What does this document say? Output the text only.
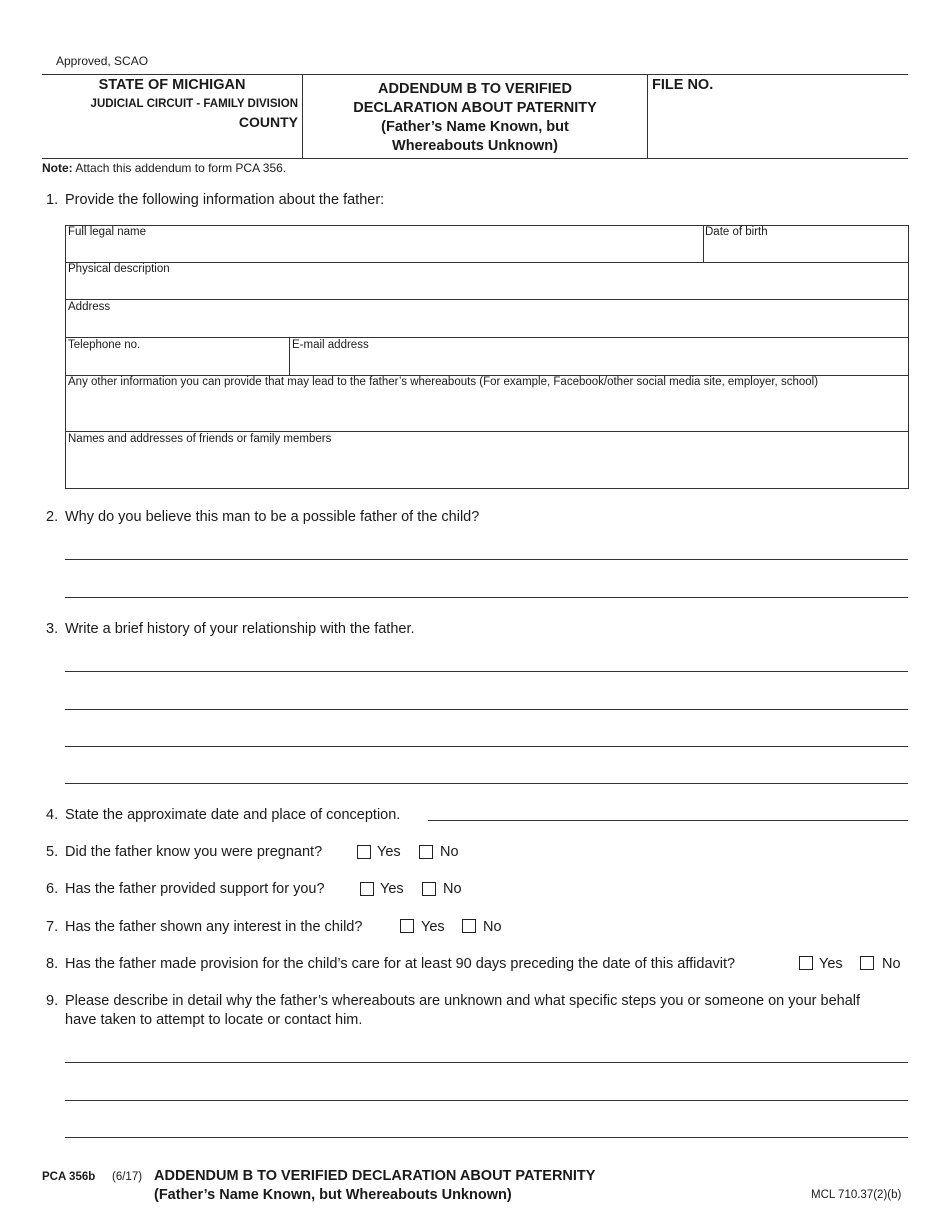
Approved, SCAO
STATE OF MICHIGAN
JUDICIAL CIRCUIT - FAMILY DIVISION
COUNTY
ADDENDUM B TO VERIFIED
DECLARATION ABOUT PATERNITY
(Father’s Name Known, but
Whereabouts Unknown)
FILE NO.
Note: Attach this addendum to form PCA 356.
1. Provide the following information about the father:
Full legal name	Date of birth
Physical description
Address
Telephone no.	E-mail address
Any other information you can provide that may lead to the father’s whereabouts (For example, Facebook/other social media site, employer, school)
Names and addresses of friends or family members
2. Why do you believe this man to be a possible father of the child?
3. Write a brief history of your relationship with the father.
4. State the approximate date and place of conception.
5. Did the father know you were pregnant?	Yes	No
6. Has the father provided support for you?	Yes	No
7. Has the father shown any interest in the child?	Yes	No
8. Has the father made provision for the child’s care for at least 90 days preceding the date of this affidavit?	Yes	No
9. Please describe in detail why the father’s whereabouts are unknown and what specific steps you or someone on your behalf
have taken to attempt to locate or contact him.
PCA 356b (6/17) ADDENDUM B TO VERIFIED DECLARATION ABOUT PATERNITY
(Father’s Name Known, but Whereabouts Unknown)	MCL 710.37(2)(b)
